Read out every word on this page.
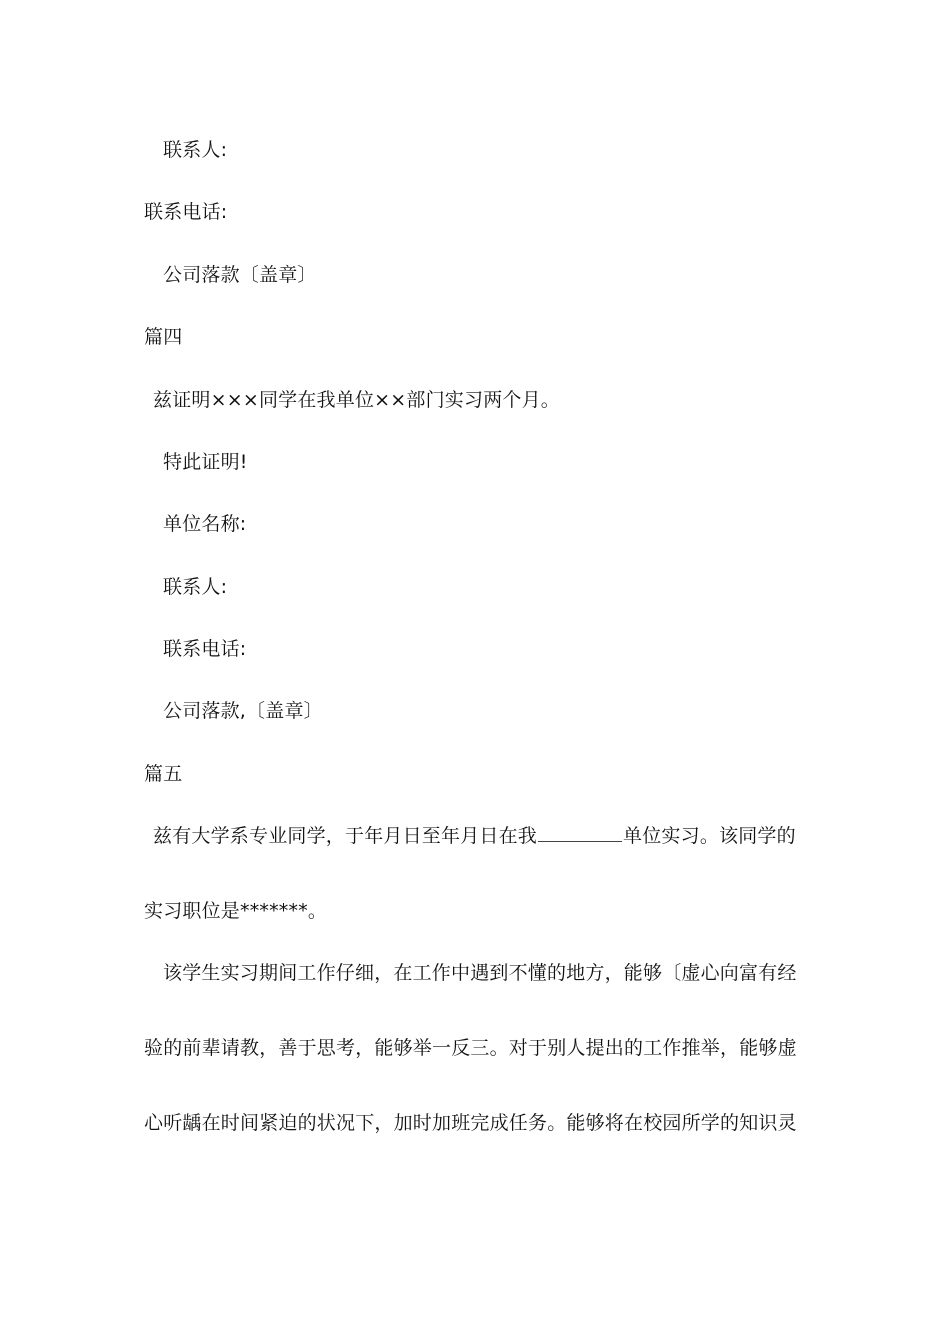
联系人:
联系电话:
公司落款〔盖章〕
篇四
兹证明×××同学在我单位××部门实习两个月。
特此证明!
单位名称:
联系人:
联系电话:
公司落款,〔盖章〕
篇五
兹有大学系专业同学，于年月日至年月日在我	单位实习。该同学的
实习职位是*******。
该学生实习期间工作仔细，在工作中遇到不懂的地方，能够〔虚心向富有经
验的前辈请教，善于思考，能够举一反三。对于别人提出的工作推举，能够虚
心听龋在时间紧迫的状况下，加时加班完成任务。能够将在校园所学的知识灵
